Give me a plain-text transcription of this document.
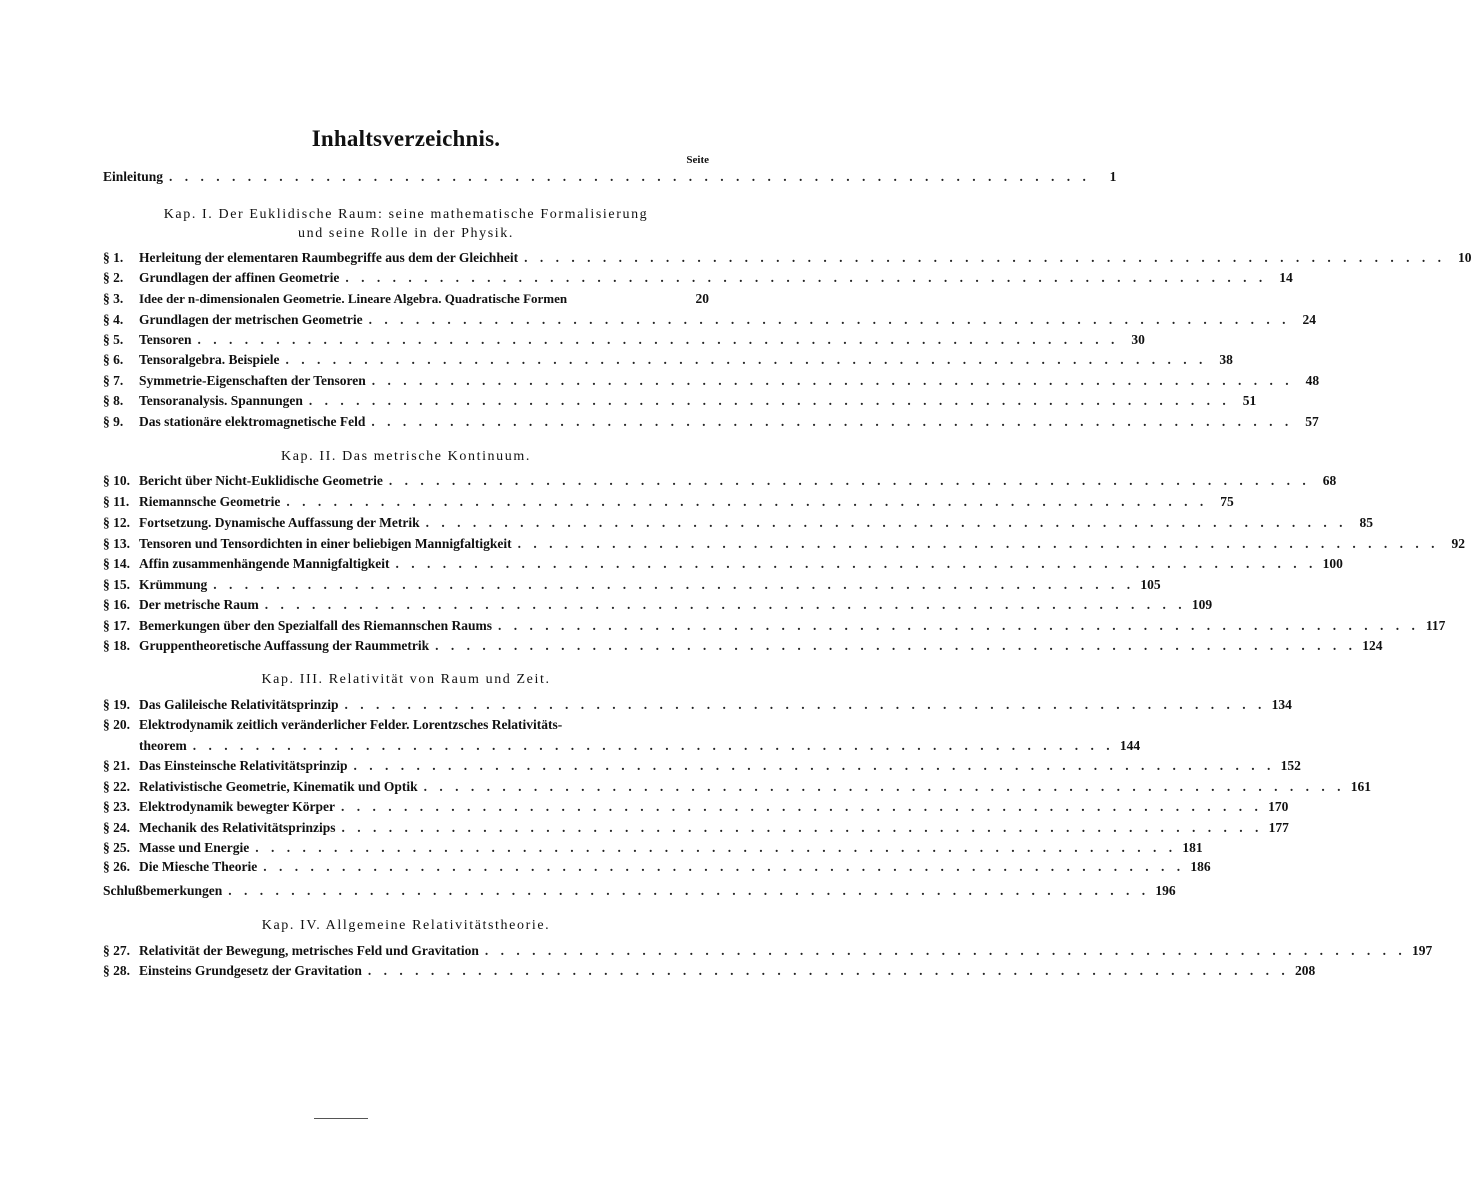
Inhaltsverzeichnis.
Seite
Einleitung . . . . . . . . . . . . . . . . . . . . . . . . . . . . . . . . . . . . . . . . . . . . . . . . . . . . . . . . . . .	1
Kap. I. Der Euklidische Raum: seine mathematische Formalisierung
und seine Rolle in der Physik.
§ 1.	Herleitung der elementaren Raumbegriffe aus dem der Gleichheit . . . . . . . . . . . . . . . . . . . . . . . . . . . . . . . . . . . . . . . . . . . . . . . . . . . . . . . . . . . 10
§ 2.	Grundlagen der affinen Geometrie . . . . . . . . . . . . . . . . . . . . . . . . . . . . . . . . . . . . . . . . . . . . . . . . . . . . . . . . . . . 14
§ 3.	Idee der n-dimensionalen Geometrie. Lineare Algebra. Quadratische Formen	20
§ 4.	Grundlagen der metrischen Geometrie . . . . . . . . . . . . . . . . . . . . . . . . . . . . . . . . . . . . . . . . . . . . . . . . . . . . . . . . . . . 24
§ 5.	Tensoren . . . . . . . . . . . . . . . . . . . . . . . . . . . . . . . . . . . . . . . . . . . . . . . . . . . . . . . . . . . 30
§ 6.	Tensoralgebra. Beispiele . . . . . . . . . . . . . . . . . . . . . . . . . . . . . . . . . . . . . . . . . . . . . . . . . . . . . . . . . . . 38
§ 7.	Symmetrie-Eigenschaften der Tensoren . . . . . . . . . . . . . . . . . . . . . . . . . . . . . . . . . . . . . . . . . . . . . . . . . . . . . . . . . . . 48
§ 8.	Tensoranalysis. Spannungen . . . . . . . . . . . . . . . . . . . . . . . . . . . . . . . . . . . . . . . . . . . . . . . . . . . . . . . . . . . 51
§ 9.	Das stationäre elektromagnetische Feld . . . . . . . . . . . . . . . . . . . . . . . . . . . . . . . . . . . . . . . . . . . . . . . . . . . . . . . . . . . 57
Kap. II. Das metrische Kontinuum.
§ 10. Bericht über Nicht-Euklidische Geometrie . . . . . . . . . . . . . . . . . . . . . . . . . . . . . . . . . . . . . . . . . . . . . . . . . . . . . . . . . . . 68
§ 11. Riemannsche Geometrie . . . . . . . . . . . . . . . . . . . . . . . . . . . . . . . . . . . . . . . . . . . . . . . . . . . . . . . . . . . 75
§ 12. Fortsetzung. Dynamische Auffassung der Metrik . . . . . . . . . . . . . . . . . . . . . . . . . . . . . . . . . . . . . . . . . . . . . . . . . . . . . . . . . . . 85
§ 13. Tensoren und Tensordichten in einer beliebigen Mannigfaltigkeit . . . . . . . . . . . . . . . . . . . . . . . . . . . . . . . . . . . . . . . . . . . . . . . . . . . . . . . . . . . 92
§ 14. Affin zusammenhängende Mannigfaltigkeit . . . . . . . . . . . . . . . . . . . . . . . . . . . . . . . . . . . . . . . . . . . . . . . . . . . . . . . . . . . 100
§ 15. Krümmung . . . . . . . . . . . . . . . . . . . . . . . . . . . . . . . . . . . . . . . . . . . . . . . . . . . . . . . . . . . 105
§ 16. Der metrische Raum . . . . . . . . . . . . . . . . . . . . . . . . . . . . . . . . . . . . . . . . . . . . . . . . . . . . . . . . . . . 109
§ 17. Bemerkungen über den Spezialfall des Riemannschen Raums . . . . . . . . . . . . . . . . . . . . . . . . . . . . . . . . . . . . . . . . . . . . . . . . . . . . . . . . . . . 117
§ 18. Gruppentheoretische Auffassung der Raummetrik . . . . . . . . . . . . . . . . . . . . . . . . . . . . . . . . . . . . . . . . . . . . . . . . . . . . . . . . . . . 124
Kap. III. Relativität von Raum und Zeit.
§ 19. Das Galileische Relativitätsprinzip . . . . . . . . . . . . . . . . . . . . . . . . . . . . . . . . . . . . . . . . . . . . . . . . . . . . . . . . . . . 134
§ 20. Elektrodynamik zeitlich veränderlicher Felder. Lorentzsches Relativitäts-
theorem . . . . . . . . . . . . . . . . . . . . . . . . . . . . . . . . . . . . . . . . . . . . . . . . . . . . . . . . . . . 144
§ 21. Das Einsteinsche Relativitätsprinzip . . . . . . . . . . . . . . . . . . . . . . . . . . . . . . . . . . . . . . . . . . . . . . . . . . . . . . . . . . . 152
§ 22. Relativistische Geometrie, Kinematik und Optik . . . . . . . . . . . . . . . . . . . . . . . . . . . . . . . . . . . . . . . . . . . . . . . . . . . . . . . . . . . 161
§ 23. Elektrodynamik bewegter Körper . . . . . . . . . . . . . . . . . . . . . . . . . . . . . . . . . . . . . . . . . . . . . . . . . . . . . . . . . . . 170
§ 24. Mechanik des Relativitätsprinzips . . . . . . . . . . . . . . . . . . . . . . . . . . . . . . . . . . . . . . . . . . . . . . . . . . . . . . . . . . . 177
§ 25. Masse und Energie . . . . . . . . . . . . . . . . . . . . . . . . . . . . . . . . . . . . . . . . . . . . . . . . . . . . . . . . . . . 181
§ 26. Die Miesche Theorie . . . . . . . . . . . . . . . . . . . . . . . . . . . . . . . . . . . . . . . . . . . . . . . . . . . . . . . . . . . 186
Schlußbemerkungen . . . . . . . . . . . . . . . . . . . . . . . . . . . . . . . . . . . . . . . . . . . . . . . . . . . . . . . . . . . 196
Kap. IV. Allgemeine Relativitätstheorie.
§ 27. Relativität der Bewegung, metrisches Feld und Gravitation . . . . . . . . . . . . . . . . . . . . . . . . . . . . . . . . . . . . . . . . . . . . . . . . . . . . . . . . . . . 197
§ 28. Einsteins Grundgesetz der Gravitation . . . . . . . . . . . . . . . . . . . . . . . . . . . . . . . . . . . . . . . . . . . . . . . . . . . . . . . . . . . 208
